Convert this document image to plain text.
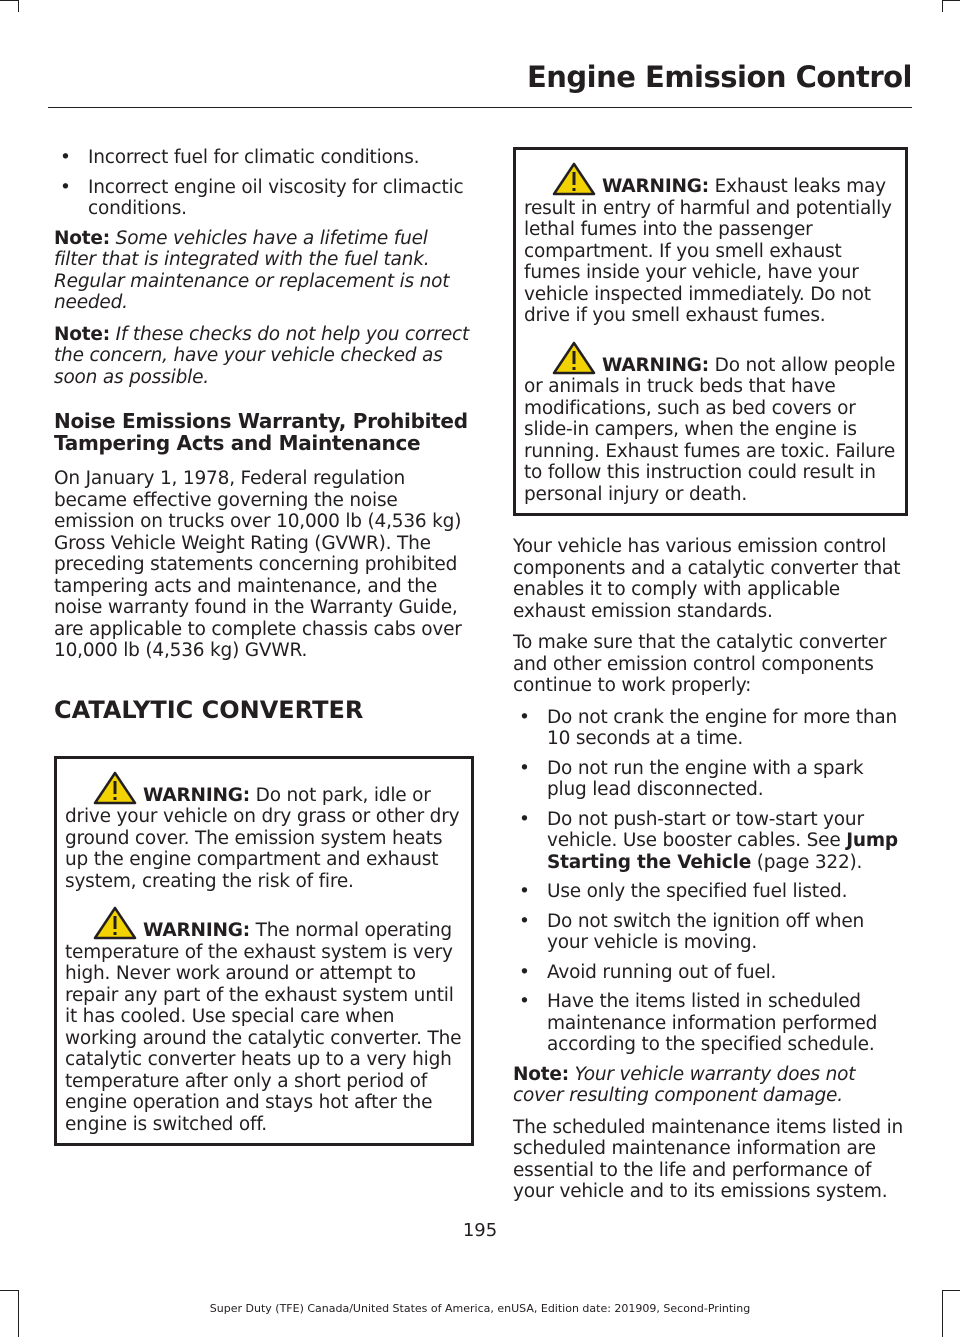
Engine Emission Control
• Incorrect fuel for climatic conditions.
• Incorrect engine oil viscosity for climactic conditions.

Note: Some vehicles have a lifetime fuel filter that is integrated with the fuel tank. Regular maintenance or replacement is not needed.

Note: If these checks do not help you correct the concern, have your vehicle checked as soon as possible.

Noise Emissions Warranty, Prohibited Tampering Acts and Maintenance

On January 1, 1978, Federal regulation became effective governing the noise emission on trucks over 10,000 lb (4,536 kg) Gross Vehicle Weight Rating (GVWR). The preceding statements concerning prohibited tampering acts and maintenance, and the noise warranty found in the Warranty Guide, are applicable to complete chassis cabs over 10,000 lb (4,536 kg) GVWR.

CATALYTIC CONVERTER

WARNING: Do not park, idle or drive your vehicle on dry grass or other dry ground cover. The emission system heats up the engine compartment and exhaust system, creating the risk of fire.

WARNING: The normal operating temperature of the exhaust system is very high. Never work around or attempt to repair any part of the exhaust system until it has cooled. Use special care when working around the catalytic converter. The catalytic converter heats up to a very high temperature after only a short period of engine operation and stays hot after the engine is switched off.

WARNING: Exhaust leaks may result in entry of harmful and potentially lethal fumes into the passenger compartment. If you smell exhaust fumes inside your vehicle, have your vehicle inspected immediately. Do not drive if you smell exhaust fumes.

WARNING: Do not allow people or animals in truck beds that have modifications, such as bed covers or slide-in campers, when the engine is running. Exhaust fumes are toxic. Failure to follow this instruction could result in personal injury or death.

Your vehicle has various emission control components and a catalytic converter that enables it to comply with applicable exhaust emission standards.

To make sure that the catalytic converter and other emission control components continue to work properly:

• Do not crank the engine for more than 10 seconds at a time.
• Do not run the engine with a spark plug lead disconnected.
• Do not push-start or tow-start your vehicle. Use booster cables. See Jump Starting the Vehicle (page 322).
• Use only the specified fuel listed.
• Do not switch the ignition off when your vehicle is moving.
• Avoid running out of fuel.
• Have the items listed in scheduled maintenance information performed according to the specified schedule.

Note: Your vehicle warranty does not cover resulting component damage.

The scheduled maintenance items listed in scheduled maintenance information are essential to the life and performance of your vehicle and to its emissions system.

195
Super Duty (TFE) Canada/United States of America, enUSA, Edition date: 201909, Second-Printing
